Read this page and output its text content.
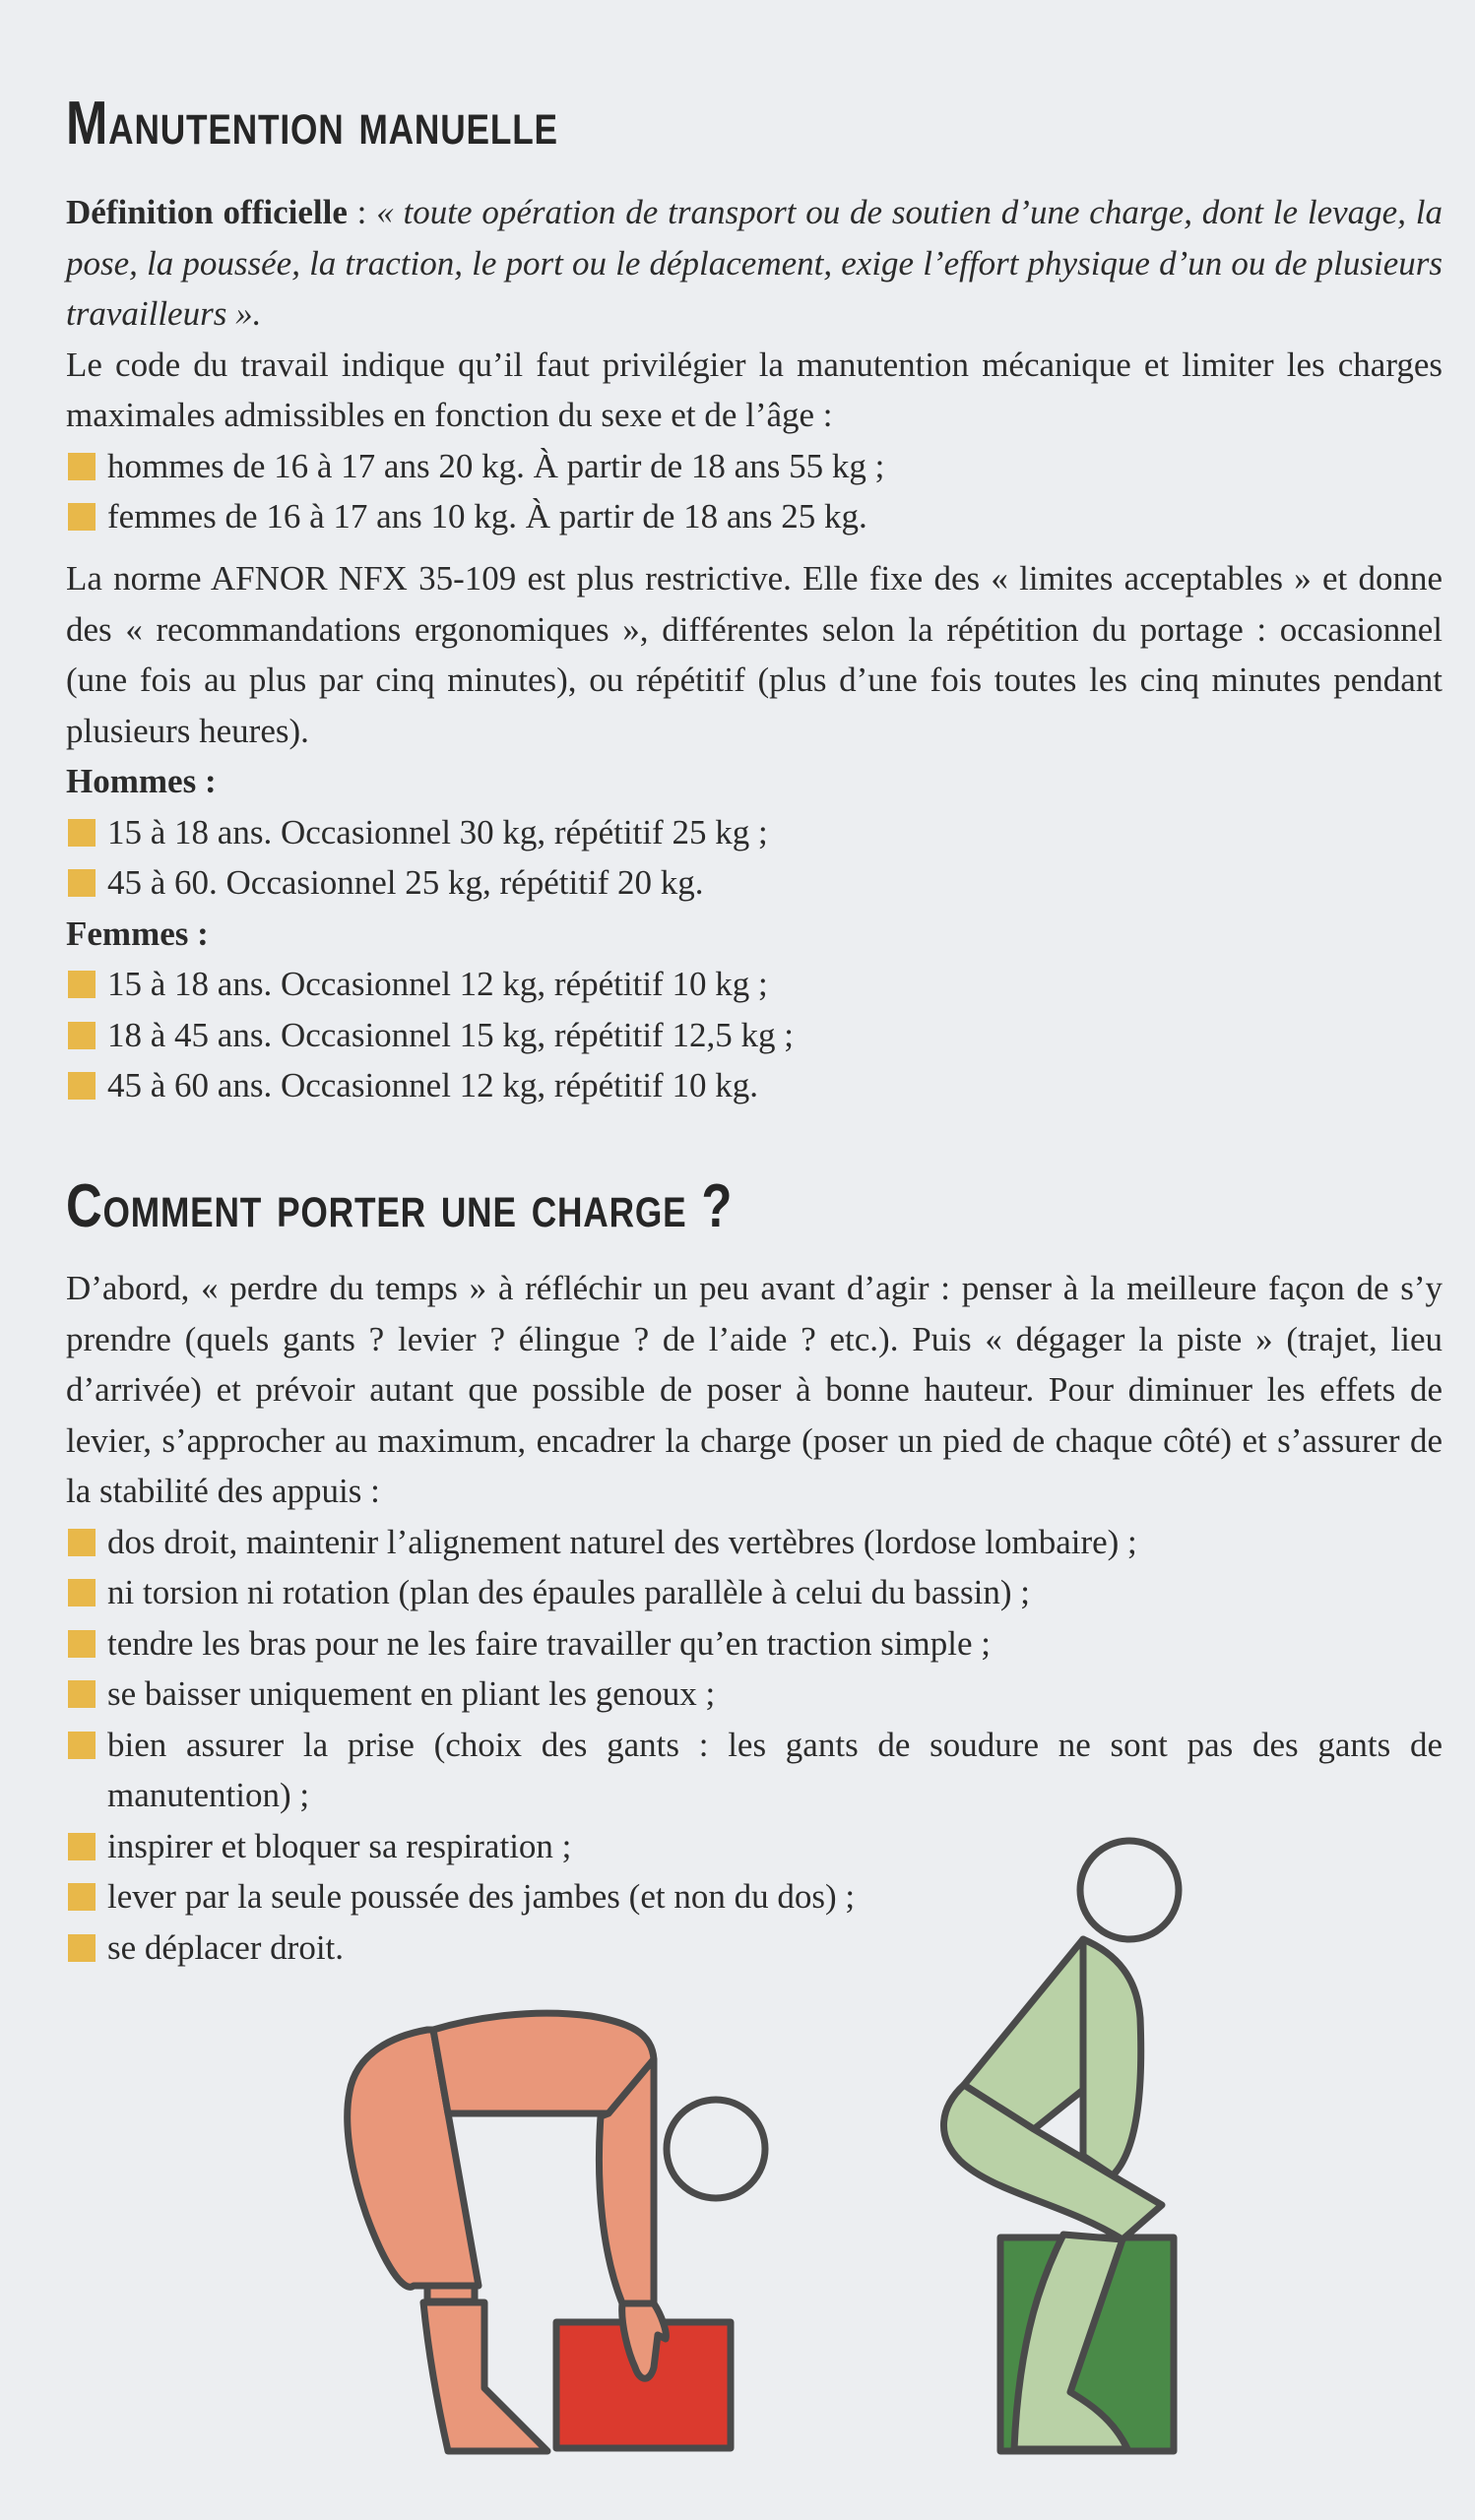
Manutention manuelle

Définition officielle : « toute opération de transport ou de soutien d’une charge, dont le levage, la pose, la poussée, la traction, le port ou le déplacement, exige l’effort physique d’un ou de plusieurs travailleurs ».

Le code du travail indique qu’il faut privilégier la manutention mécanique et limiter les charges maximales admissibles en fonction du sexe et de l’âge :

hommes de 16 à 17 ans 20 kg. À partir de 18 ans 55 kg ;
femmes de 16 à 17 ans 10 kg. À partir de 18 ans 25 kg.

La norme AFNOR NFX 35-109 est plus restrictive. Elle fixe des « limites acceptables » et donne des « recommandations ergonomiques », différentes selon la répétition du portage : occasionnel (une fois au plus par cinq minutes), ou répétitif (plus d’une fois toutes les cinq minutes pendant plusieurs heures).

Hommes :
15 à 18 ans. Occasionnel 30 kg, répétitif 25 kg ;
45 à 60. Occasionnel 25 kg, répétitif 20 kg.
Femmes :
15 à 18 ans. Occasionnel 12 kg, répétitif 10 kg ;
18 à 45 ans. Occasionnel 15 kg, répétitif 12,5 kg ;
45 à 60 ans. Occasionnel 12 kg, répétitif 10 kg.
Comment porter une charge ?

D’abord, « perdre du temps » à réfléchir un peu avant d’agir : penser à la meilleure façon de s’y prendre (quels gants ? levier ? élingue ? de l’aide ? etc.). Puis « dégager la piste » (trajet, lieu d’arrivée) et prévoir autant que possible de poser à bonne hauteur. Pour diminuer les effets de levier, s’approcher au maximum, encadrer la charge (poser un pied de chaque côté) et s’assurer de la stabilité des appuis :

dos droit, maintenir l’alignement naturel des vertèbres (lordose lombaire) ;
ni torsion ni rotation (plan des épaules parallèle à celui du bassin) ;
tendre les bras pour ne les faire travailler qu’en traction simple ;
se baisser uniquement en pliant les genoux ;
bien assurer la prise (choix des gants : les gants de soudure ne sont pas des gants de manutention) ;
inspirer et bloquer sa respiration ;
lever par la seule poussée des jambes (et non du dos) ;
se déplacer droit.
